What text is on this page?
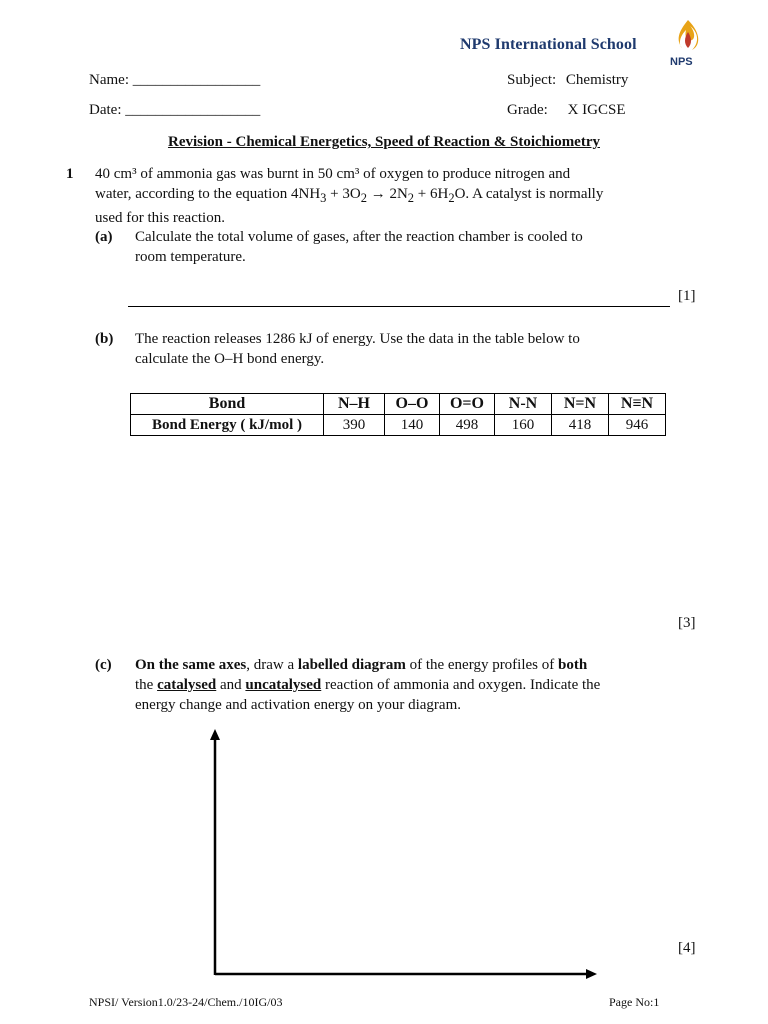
NPS International School
NPS
Name: _________________
Date: __________________
Subject: Chemistry
Grade: X IGCSE
Revision - Chemical Energetics, Speed of Reaction & Stoichiometry
1 40 cm³ of ammonia gas was burnt in 50 cm³ of oxygen to produce nitrogen and
water, according to the equation $4NH_3 + 3O_2 \to 2N_2 + 6H_2O$. A catalyst is normally
used for this reaction.
(a) Calculate the total volume of gases, after the reaction chamber is cooled to
room temperature.
[1]
(b) The reaction releases 1286 kJ of energy. Use the data in the table below to
calculate the O–H bond energy.
Bond	N–H	O–O	O=O	N-N	N=N	N≡N
Bond Energy ( kJ/mol )	390	140	498	160	418	946
[3]
(c) On the same axes, draw a labelled diagram of the energy profiles of both
the catalysed and uncatalysed reaction of ammonia and oxygen. Indicate the
energy change and activation energy on your diagram.
[4]
NPSI/ Version1.0/23-24/Chem./10IG/03	Page No:1
